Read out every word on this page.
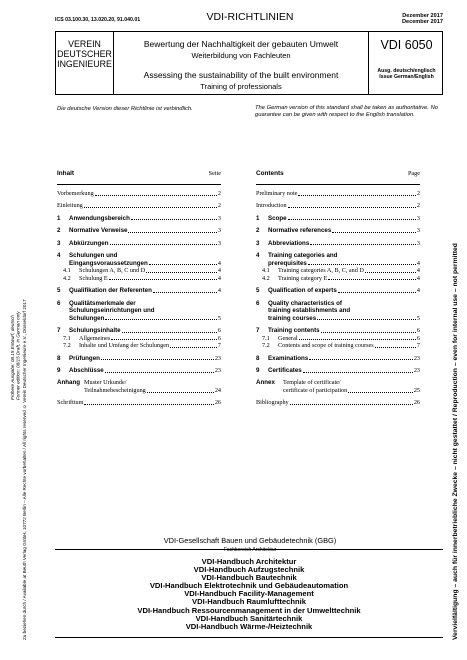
ICS 03.100.30, 13.020.20, 91.040.01	VDI-RICHTLINIEN	Dezember 2017
December 2017
VEREIN
DEUTSCHER
INGENIEURE
Bewertung der Nachhaltigkeit der gebauten Umwelt
Weiterbildung von Fachleuten
Assessing the sustainability of the built environment
Training of professionals
VDI 6050
Ausg. deutsch/englisch
Issue German/English
Die deutsche Version dieser Richtlinie ist verbindlich.	The German version of this standard shall be taken as authoritative. No guarantee can be given with respect to the English translation.
Inhalt	Seite
Vorbemerkung	2
Einleitung	2
1	Anwendungsbereich	3
2	Normative Verweise	3
3	Abkürzungen	3
4	Schulungen und
Eingangsvoraussetzungen	4
4.1	Schulungen A, B, C und D	4
4.2	Schulung E	4
5	Qualifikation der Referenten	4
6	Qualitätsmerkmale der
Schulungseinrichtungen und
Schulungen	5
7	Schulungsinhalte	6
7.1	Allgemeines	6
7.2	Inhalte und Umfang der Schulungen	7
8	Prüfungen	23
9	Abschlüsse	23
Anhang Muster Urkunde/
Teilnahmebescheinigung	24
Schrifttum	26
Contents	Page
Preliminary note	2
Introduction	2
1	Scope	3
2	Normative references	3
3	Abbreviations	3
4	Training categories and
prerequisites	4
4.1	Training categories A, B, C, and D	4
4.2	Training category E	4
5	Qualification of experts	4
6	Quality characteristics of
training establishments and
training courses	5
7	Training contents	6
7.1	General	6
7.2	Contents and scope of training courses	7
8	Examinations	23
9	Certificates	23
Annex	Template of certificate/
certificate of participation	25
Bibliography	26
VDI-Gesellschaft Bauen und Gebäudetechnik (GBG)
Fachbereich Architektur
VDI-Handbuch Architektur
VDI-Handbuch Aufzugstechnik
VDI-Handbuch Bautechnik
VDI-Handbuch Elektrotechnik und Gebäudeautomation
VDI-Handbuch Facility-Management
VDI-Handbuch Raumlufttechnik
VDI-Handbuch Ressourcenmanagement in der Umwelttechnik
VDI-Handbuch Sanitärtechnik
VDI-Handbuch Wärme-/Heiztechnik
Frühere Ausgabe: 08.15 Entwurf, deutsch Former edition: 08/15 Draft, in German only Zu beziehen durch / Available at Beuth Verlag GmbH, 10772 Berlin – Alle Rechte vorbehalten / All rights reserved © Verein Deutscher Ingenieure e.V., Düsseldorf 2017	Vervielfältigung – auch für innerbetriebliche Zwecke – nicht gestattet / Reproduction – even for internal use – not permitted
